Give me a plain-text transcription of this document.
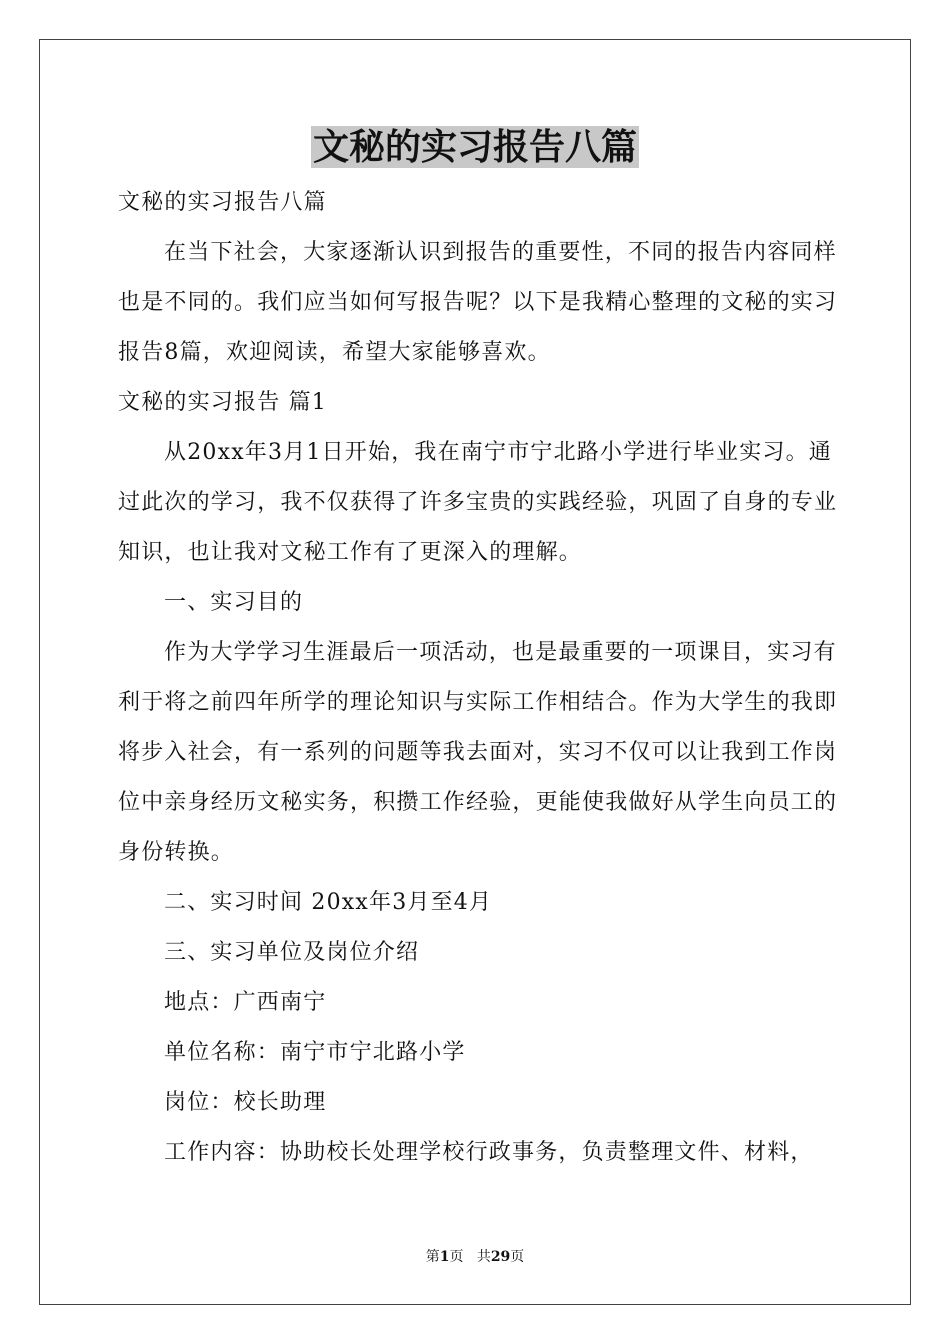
文秘的实习报告八篇

文秘的实习报告八篇

在当下社会，大家逐渐认识到报告的重要性，不同的报告内容同样也是不同的。我们应当如何写报告呢？以下是我精心整理的文秘的实习报告8篇，欢迎阅读，希望大家能够喜欢。

文秘的实习报告 篇1

从20xx年3月1日开始，我在南宁市宁北路小学进行毕业实习。通过此次的学习，我不仅获得了许多宝贵的实践经验，巩固了自身的专业知识，也让我对文秘工作有了更深入的理解。

一、实习目的

作为大学学习生涯最后一项活动，也是最重要的一项课目，实习有利于将之前四年所学的理论知识与实际工作相结合。作为大学生的我即将步入社会，有一系列的问题等我去面对，实习不仅可以让我到工作岗位中亲身经历文秘实务，积攒工作经验，更能使我做好从学生向员工的身份转换。

二、实习时间 20xx年3月至4月

三、实习单位及岗位介绍

地点：广西南宁

单位名称：南宁市宁北路小学

岗位：校长助理

工作内容：协助校长处理学校行政事务，负责整理文件、材料，

第1页 共29页
